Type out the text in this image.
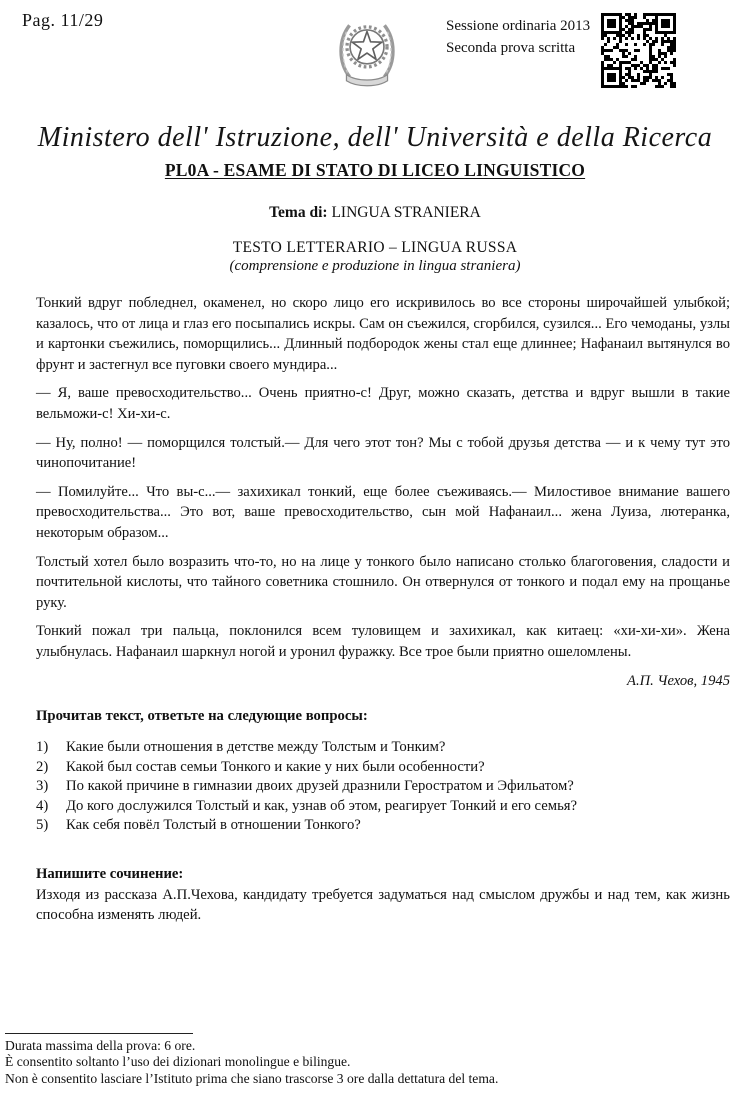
Pag. 11/29	Sessione ordinaria 2013
Seconda prova scritta
Ministero dell' Istruzione, dell' Università e della Ricerca
PL0A - ESAME DI STATO DI LICEO LINGUISTICO
Tema di: LINGUA STRANIERA
TESTO LETTERARIO – LINGUA RUSSA
(comprensione e produzione in lingua straniera)

Тонкий вдруг побледнел, окаменел, но скоро лицо его искривилось во все стороны широчайшей улыбкой; казалось, что от лица и глаз его посыпались искры. Сам он съежился, сгорбился, сузился... Его чемоданы, узлы и картонки съежились, поморщились... Длинный подбородок жены стал еще длиннее; Нафанаил вытянулся во фрунт и застегнул все пуговки своего мундира...

— Я, ваше превосходительство... Очень приятно-с! Друг, можно сказать, детства и вдруг вышли в такие вельможи-с! Хи-хи-с.

— Ну, полно! — поморщился толстый.— Для чего этот тон? Мы с тобой друзья детства — и к чему тут это чинопочитание!

— Помилуйте... Что вы-с...— захихикал тонкий, еще более съеживаясь.— Милостивое внимание вашего превосходительства... Это вот, ваше превосходительство, сын мой Нафанаил... жена Луиза, лютеранка, некоторым образом...

Толстый хотел было возразить что-то, но на лице у тонкого было написано столько благоговения, сладости и почтительной кислоты, что тайного советника стошнило. Он отвернулся от тонкого и подал ему на прощанье руку.

Тонкий пожал три пальца, поклонился всем туловищем и захихикал, как китаец: «хи-хи-хи». Жена улыбнулась. Нафанаил шаркнул ногой и уронил фуражку. Все трое были приятно ошеломлены.

А.П. Чехов, 1945
Прочитав текст, ответьте на следующие вопросы:
1)	Какие были отношения в детстве между Толстым и Тонким?
2)	Какой был состав семьи Тонкого и какие у них были особенности?
3)	По какой причине в гимназии двоих друзей дразнили Геростратом и Эфильатом?
4)	До кого дослужился Толстый и как, узнав об этом, реагирует Тонкий и его семья?
5)	Как себя повёл Толстый в отношении Тонкого?
Напишите сочинение:
Изходя из рассказа А.П.Чехова, кандидату требуется задуматься над смыслом дружбы и над тем, как жизнь способна изменять людей.
Durata massima della prova: 6 ore.
È consentito soltanto l’uso dei dizionari monolingue e bilingue.
Non è consentito lasciare l’Istituto prima che siano trascorse 3 ore dalla dettatura del tema.
